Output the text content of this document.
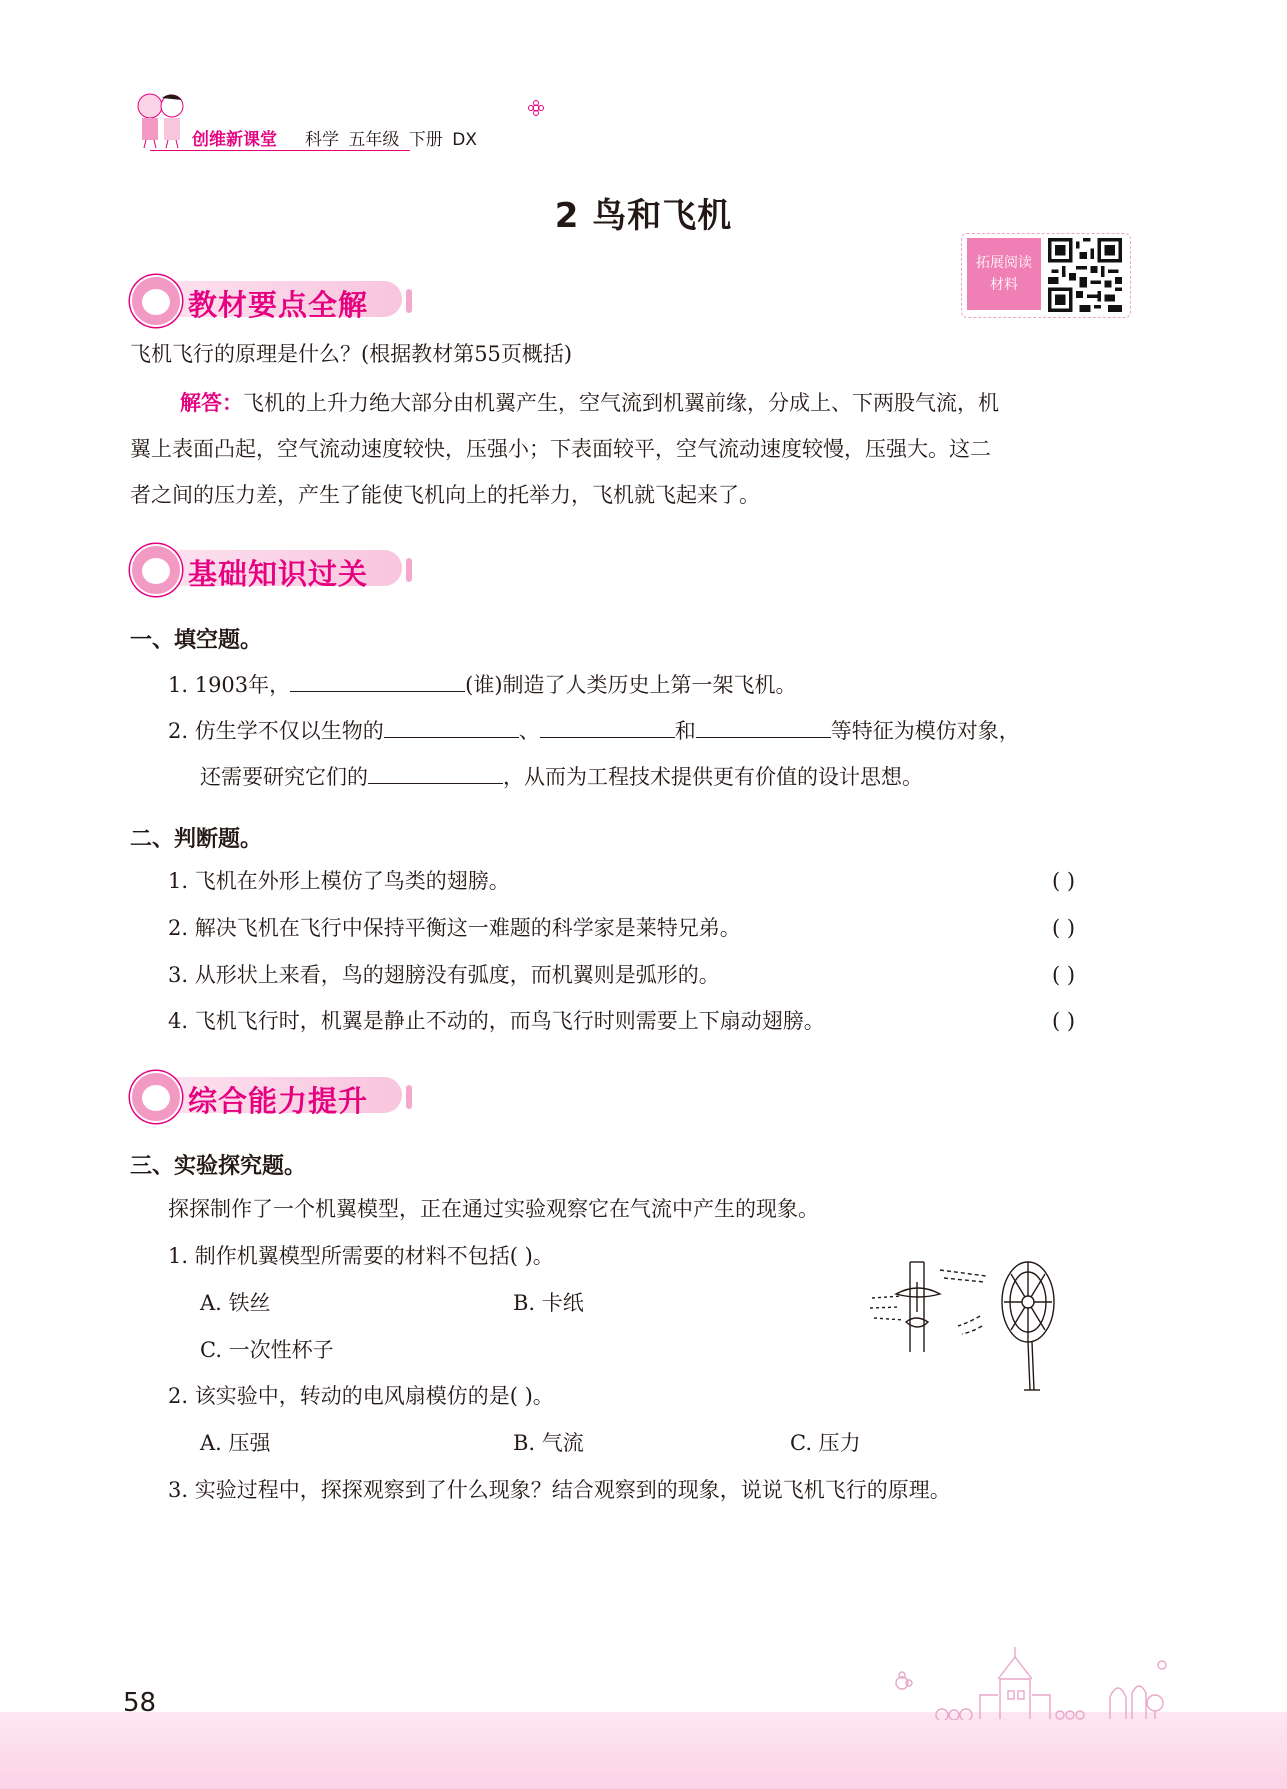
创维新课堂 科学 五年级 下册 DX
2 鸟和飞机
拓展阅读材料
教材要点全解
飞机飞行的原理是什么？(根据教材第55页概括)
解答：飞机的上升力绝大部分由机翼产生，空气流到机翼前缘，分成上、下两股气流，机
翼上表面凸起，空气流动速度较快，压强小；下表面较平，空气流动速度较慢，压强大。这二
者之间的压力差，产生了能使飞机向上的托举力，飞机就飞起来了。
基础知识过关
一、填空题。
1. 1903年，	(谁)制造了人类历史上第一架飞机。
2. 仿生学不仅以生物的	、	和	等特征为模仿对象，
还需要研究它们的	，从而为工程技术提供更有价值的设计思想。
二、判断题。
1. 飞机在外形上模仿了鸟类的翅膀。	( )
2. 解决飞机在飞行中保持平衡这一难题的科学家是莱特兄弟。	( )
3. 从形状上来看，鸟的翅膀没有弧度，而机翼则是弧形的。	( )
4. 飞机飞行时，机翼是静止不动的，而鸟飞行时则需要上下扇动翅膀。	( )
综合能力提升
三、实验探究题。
探探制作了一个机翼模型，正在通过实验观察它在气流中产生的现象。
1. 制作机翼模型所需要的材料不包括( )。
A. 铁丝	B. 卡纸
C. 一次性杯子
2. 该实验中，转动的电风扇模仿的是( )。
A. 压强	B. 气流	C. 压力
3. 实验过程中，探探观察到了什么现象？结合观察到的现象，说说飞机飞行的原理。
58
